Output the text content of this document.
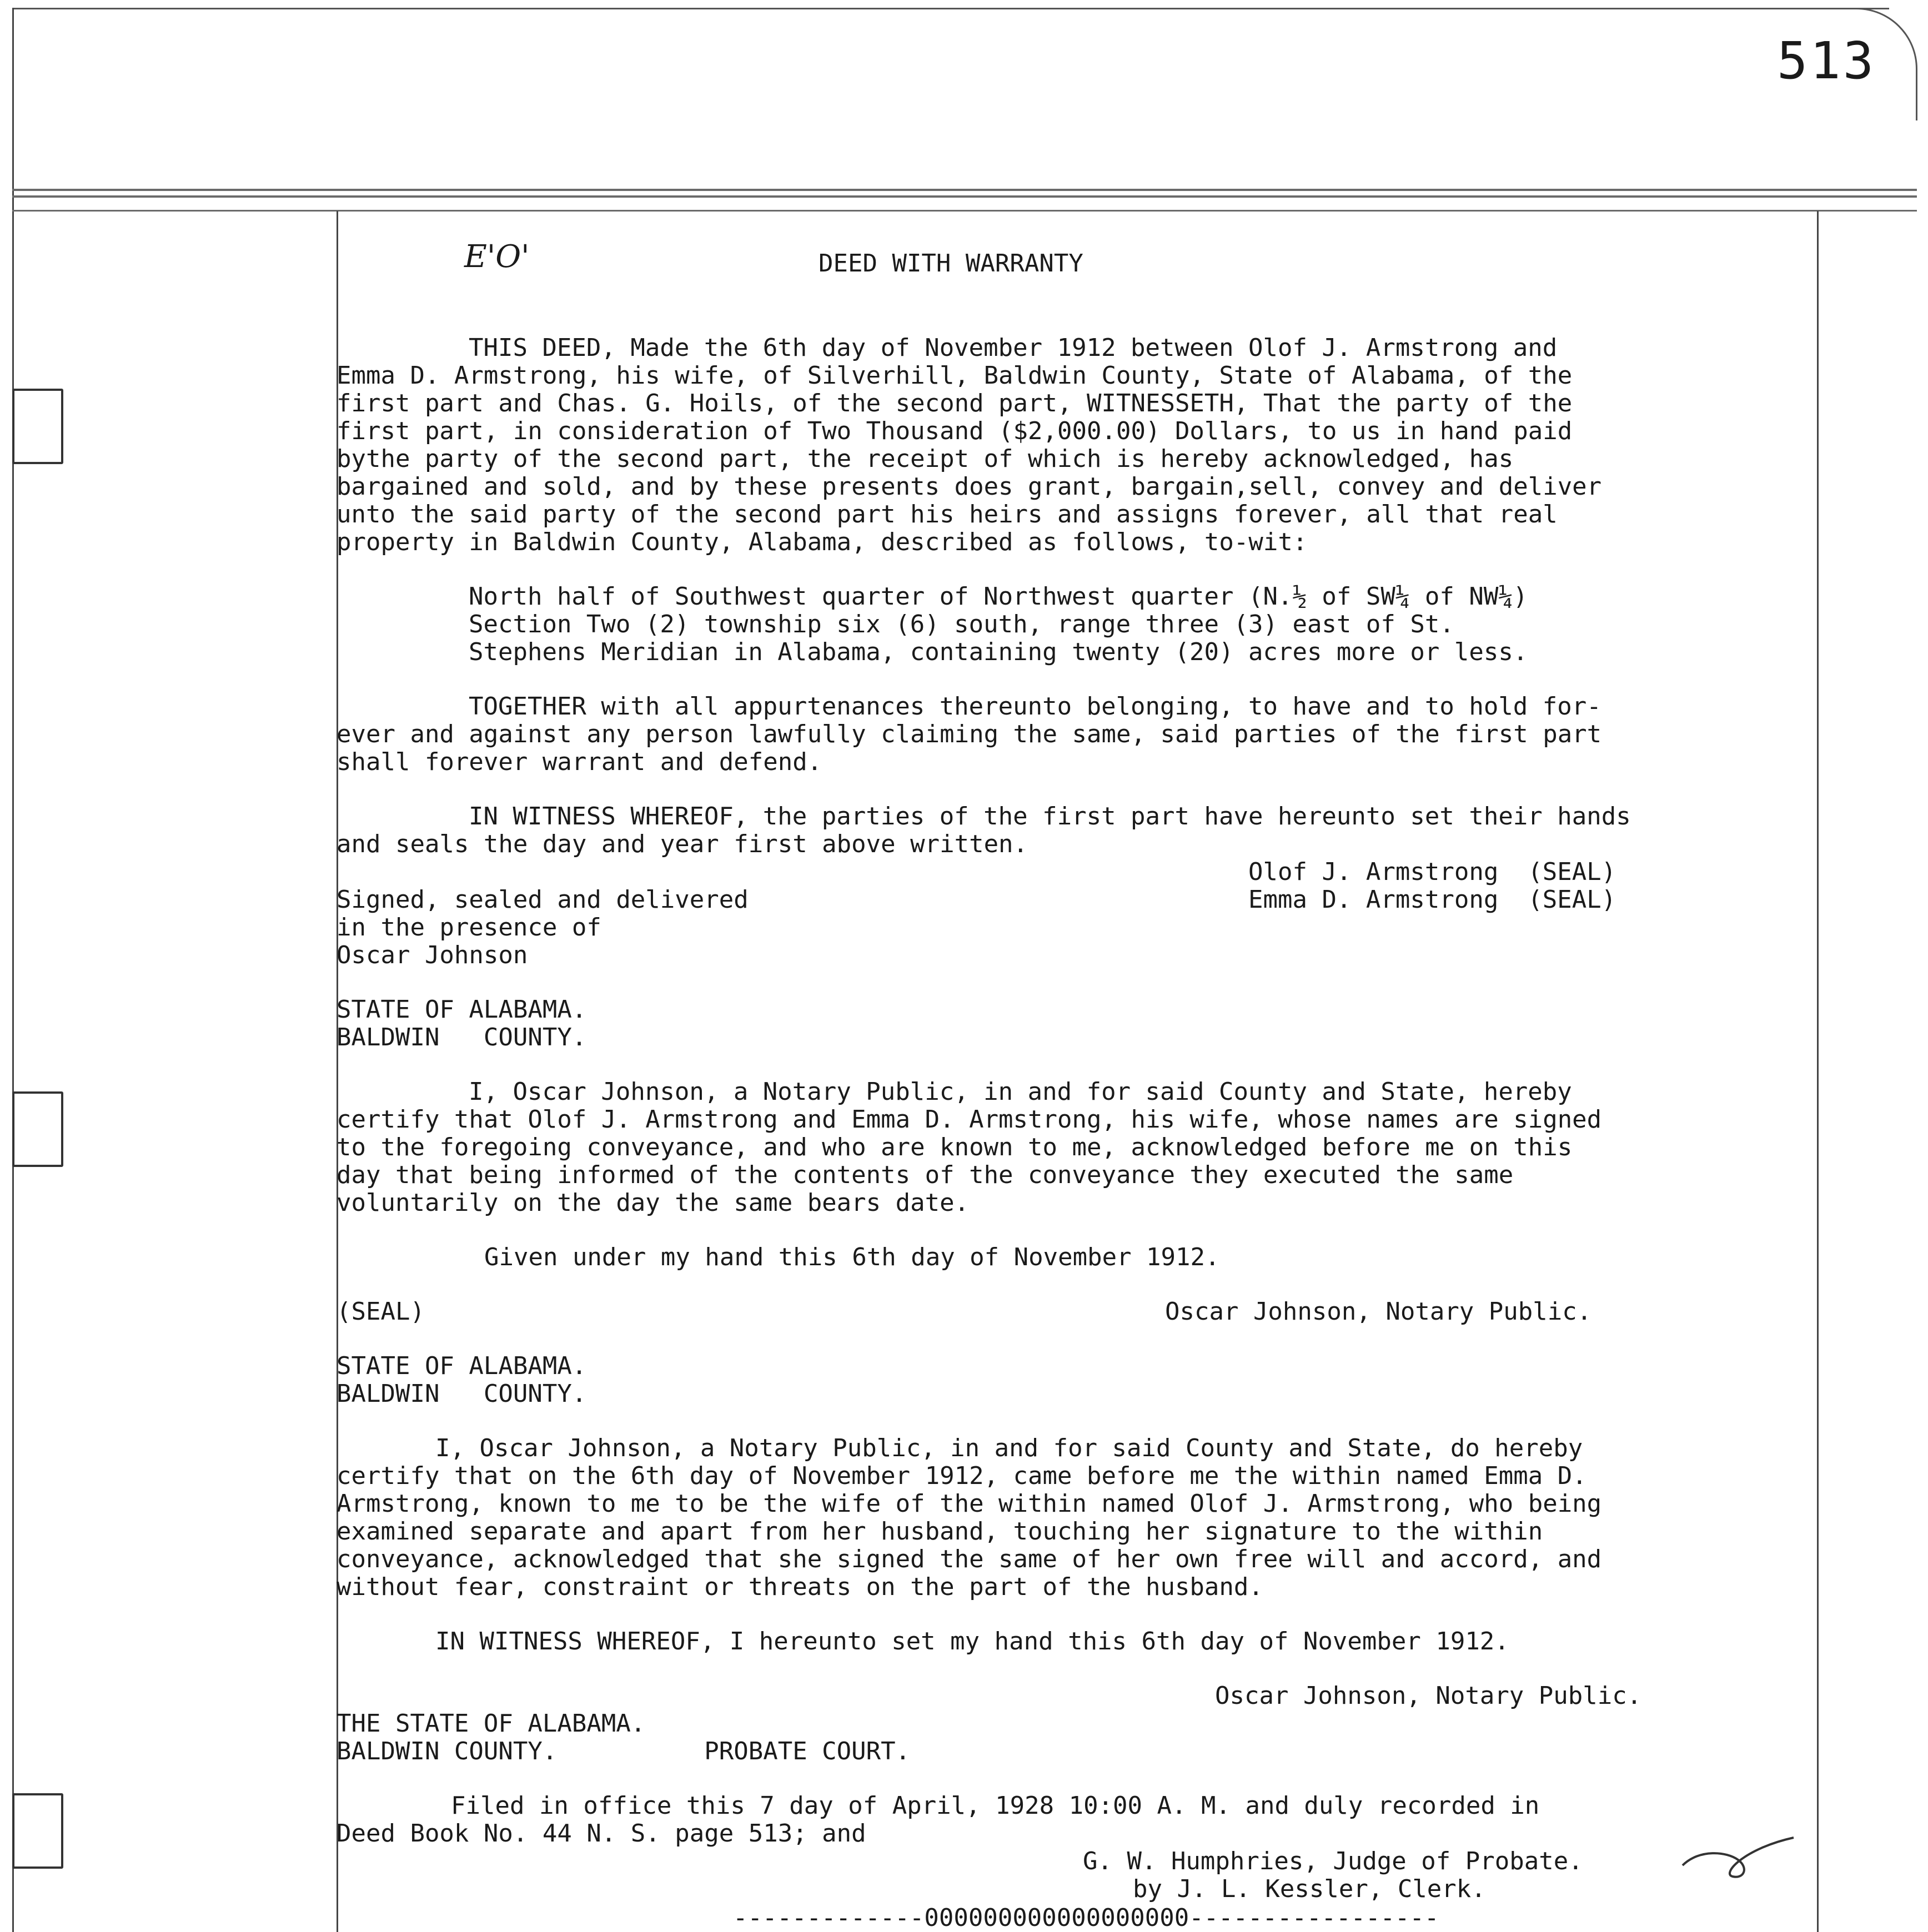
513
E'O'	DEED WITH WARRANTY
THIS DEED, Made the 6th day of November 1912 between Olof J. Armstrong and
Emma D. Armstrong, his wife, of Silverhill, Baldwin County, State of Alabama, of the
first part and Chas. G. Hoils, of the second part, WITNESSETH, That the party of the
first part, in consideration of Two Thousand ($2,000.00) Dollars, to us in hand paid
bythe party of the second part, the receipt of which is hereby acknowledged, has
bargained and sold, and by these presents does grant, bargain,sell, convey and deliver
unto the said party of the second part his heirs and assigns forever, all that real
property in Baldwin County, Alabama, described as follows, to-wit:
North half of Southwest quarter of Northwest quarter (N.½ of SW¼ of NW¼)
Section Two (2) township six (6) south, range three (3) east of St.
Stephens Meridian in Alabama, containing twenty (20) acres more or less.
TOGETHER with all appurtenances thereunto belonging, to have and to hold for-
ever and against any person lawfully claiming the same, said parties of the first part
shall forever warrant and defend.
IN WITNESS WHEREOF, the parties of the first part have hereunto set their hands
and seals the day and year first above written.
Olof J. Armstrong  (SEAL)
Emma D. Armstrong  (SEAL)
Signed, sealed and delivered
in the presence of
Oscar Johnson
STATE OF ALABAMA.
BALDWIN   COUNTY.
I, Oscar Johnson, a Notary Public, in and for said County and State, hereby
certify that Olof J. Armstrong and Emma D. Armstrong, his wife, whose names are signed
to the foregoing conveyance, and who are known to me, acknowledged before me on this
day that being informed of the contents of the conveyance they executed the same
voluntarily on the day the same bears date.
Given under my hand this 6th day of November 1912.
(SEAL)	Oscar Johnson, Notary Public.
STATE OF ALABAMA.
BALDWIN   COUNTY.
I, Oscar Johnson, a Notary Public, in and for said County and State, do hereby
certify that on the 6th day of November 1912, came before me the within named Emma D.
Armstrong, known to me to be the wife of the within named Olof J. Armstrong, who being
examined separate and apart from her husband, touching her signature to the within
conveyance, acknowledged that she signed the same of her own free will and accord, and
without fear, constraint or threats on the part of the husband.
IN WITNESS WHEREOF, I hereunto set my hand this 6th day of November 1912.
Oscar Johnson, Notary Public.
THE STATE OF ALABAMA.
BALDWIN COUNTY.          PROBATE COURT.
Filed in office this 7 day of April, 1928 10:00 A. M. and duly recorded in
Deed Book No. 44 N. S. page 513; and
G. W. Humphries, Judge of Probate.
by J. L. Kessler, Clerk.
-------------000000000000000000-----------------
